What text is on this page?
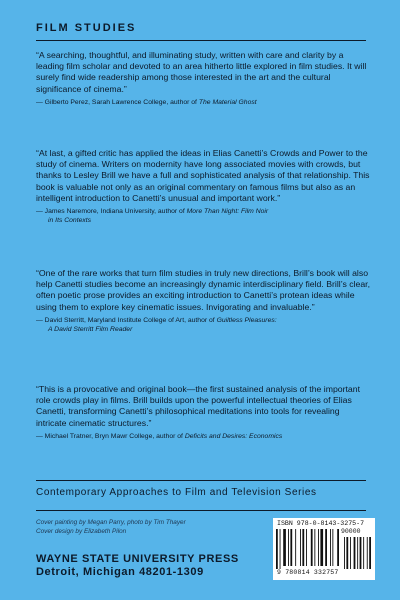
FILM STUDIES

“A searching, thoughtful, and illuminating study, written with care and clarity by a leading film scholar and devoted to an area hitherto little explored in film studies. It will surely find wide readership among those interested in the art and the cultural significance of cinema.”

— Gilberto Perez, Sarah Lawrence College, author of The Material Ghost

“At last, a gifted critic has applied the ideas in Elias Canetti’s Crowds and Power to the study of cinema. Writers on modernity have long associated movies with crowds, but thanks to Lesley Brill we have a full and sophisticated analysis of that relationship. This book is valuable not only as an original commentary on famous films but also as an intelligent introduction to Canetti’s unusual and important work.”

— James Naremore, Indiana University, author of More Than Night: Film Noir
in Its Contexts

“One of the rare works that turn film studies in truly new directions, Brill’s book will also help Canetti studies become an increasingly dynamic interdisciplinary field. Brill’s clear, often poetic prose provides an exciting introduction to Canetti’s protean ideas while using them to explore key cinematic issues. Invigorating and invaluable.”

— David Sterritt, Maryland Institute College of Art, author of Guiltless Pleasures:
A David Sterritt Film Reader

“This is a provocative and original book—the first sustained analysis of the important role crowds play in films. Brill builds upon the powerful intellectual theories of Elias Canetti, transforming Canetti’s philosophical meditations into tools for revealing intricate cinematic structures.”

— Michael Tratner, Bryn Mawr College, author of Deficits and Desires: Economics
Contemporary Approaches to Film and Television Series
Cover painting by Megan Parry, photo by Tim Thayer
Cover design by Elizabeth Pilon
WAYNE STATE UNIVERSITY PRESS
Detroit, Michigan 48201-1309
ISBN 978-0-8143-3275-7
9 780814 332757
90000
